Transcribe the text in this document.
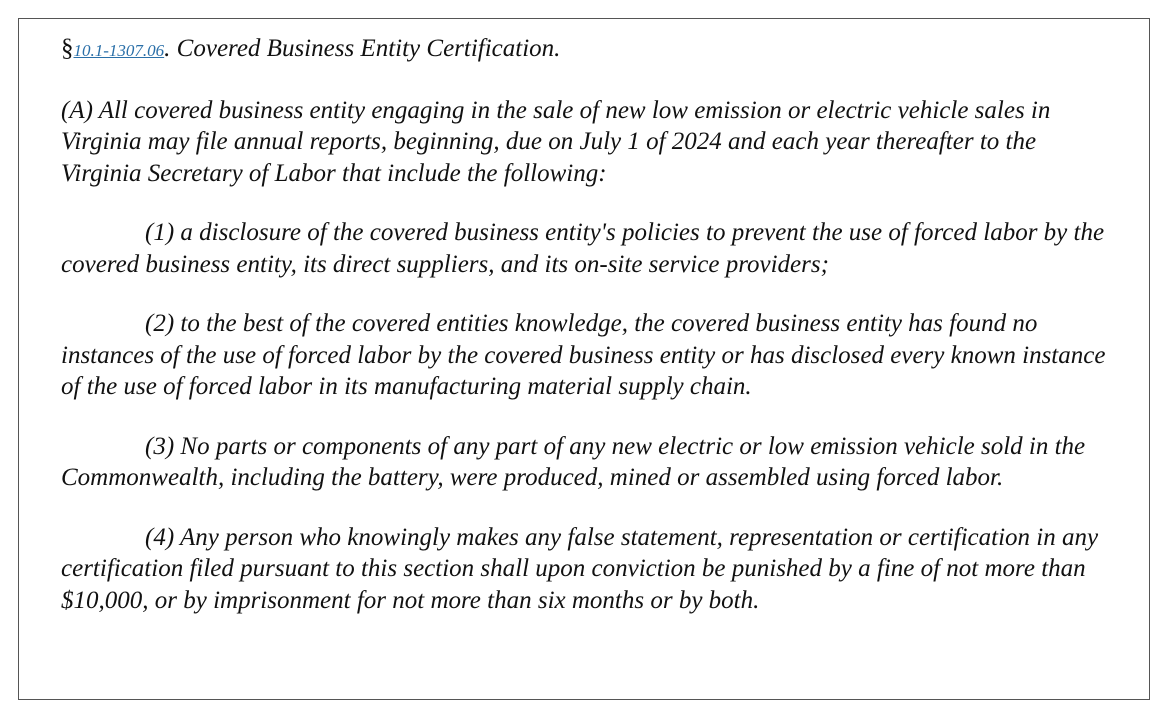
§10.1-1307.06. Covered Business Entity Certification.

(A) All covered business entity engaging in the sale of new low emission or electric vehicle sales in Virginia may file annual reports, beginning, due on July 1 of 2024 and each year thereafter to the Virginia Secretary of Labor that include the following:

(1) a disclosure of the covered business entity's policies to prevent the use of forced labor by the covered business entity, its direct suppliers, and its on-site service providers;

(2) to the best of the covered entities knowledge, the covered business entity has found no instances of the use of forced labor by the covered business entity or has disclosed every known instance of the use of forced labor in its manufacturing material supply chain.

(3) No parts or components of any part of any new electric or low emission vehicle sold in the Commonwealth, including the battery, were produced, mined or assembled using forced labor.

(4) Any person who knowingly makes any false statement, representation or certification in any certification filed pursuant to this section shall upon conviction be punished by a fine of not more than $10,000, or by imprisonment for not more than six months or by both.
